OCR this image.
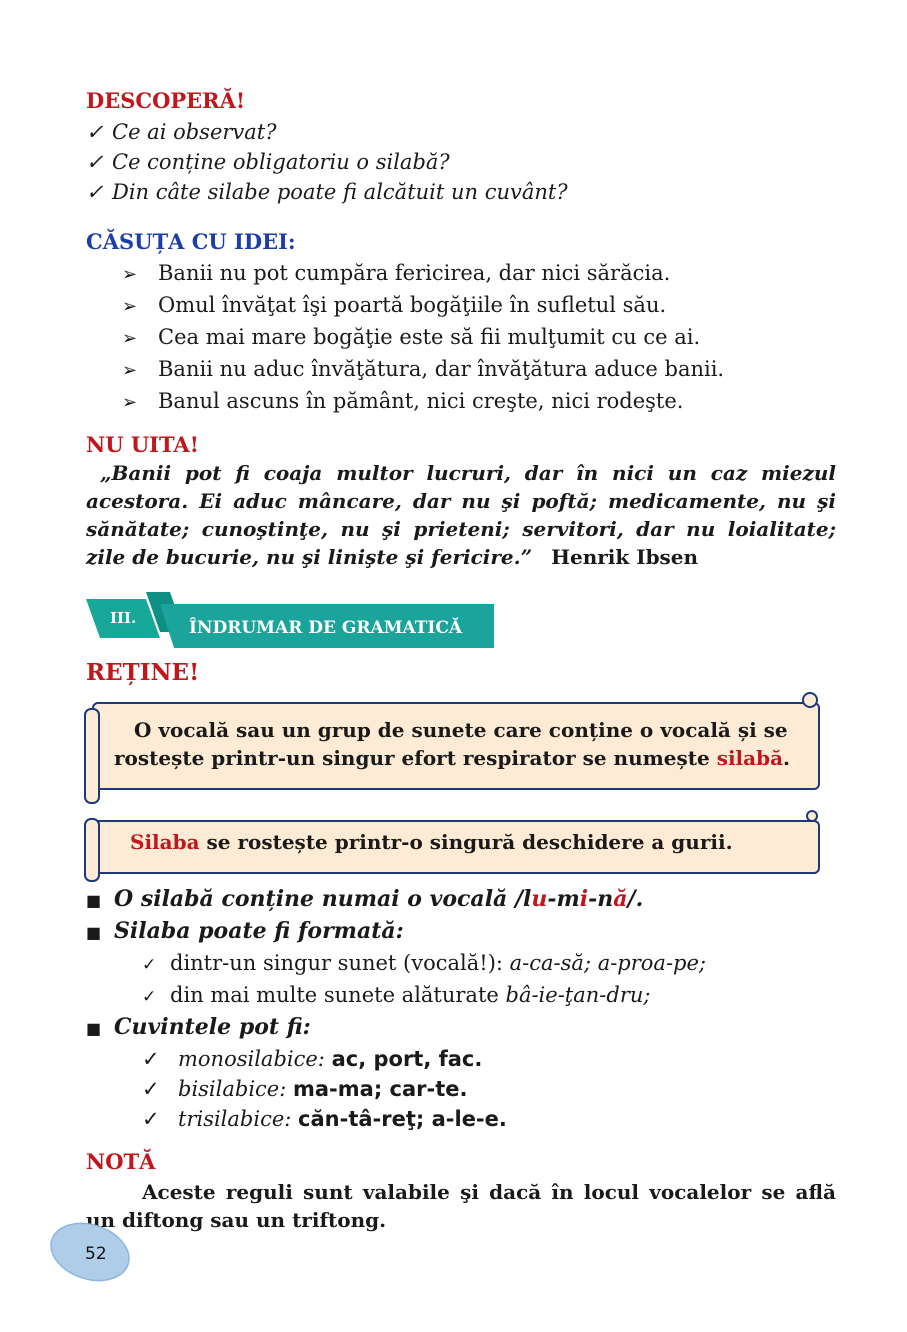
DESCOPERĂ!
✓ Ce ai observat?
✓ Ce conține obligatoriu o silabă?
✓ Din câte silabe poate fi alcătuit un cuvânt?
CĂSUȚA CU IDEI:
➢ Banii nu pot cumpăra fericirea, dar nici sărăcia.
➢ Omul învăţat îşi poartă bogăţiile în sufletul său.
➢ Cea mai mare bogăţie este să fii mulţumit cu ce ai.
➢ Banii nu aduc învăţătura, dar învăţătura aduce banii.
➢ Banul ascuns în pământ, nici creşte, nici rodeşte.
NU UITA!
„Banii pot fi coaja multor lucruri, dar în nici un caz miezul acestora. Ei aduc mâncare, dar nu şi poftă; medicamente, nu şi sănătate; cunoştinţe, nu şi prieteni; servitori, dar nu loialitate; zile de bucurie, nu şi linişte şi fericire.” Henrik Ibsen
III.	ÎNDRUMAR DE GRAMATICĂ
REȚINE!
O vocală sau un grup de sunete care conține o vocală și se rostește printr-un singur efort respirator se numește silabă.
Silaba se rostește printr-o singură deschidere a gurii.
■ O silabă conține numai o vocală /lu-mi-nă/.
■ Silaba poate fi formată:
✓ dintr-un singur sunet (vocală!): a-ca-să; a-proa-pe;
✓ din mai multe sunete alăturate bâ-ie-ţan-dru;
■ Cuvintele pot fi:
✓ monosilabice: ac, port, fac.
✓ bisilabice: ma-ma; car-te.
✓ trisilabice: căn-tâ-reţ; a-le-e.
NOTĂ
Aceste reguli sunt valabile şi dacă în locul vocalelor se află un diftong sau un triftong.
52
